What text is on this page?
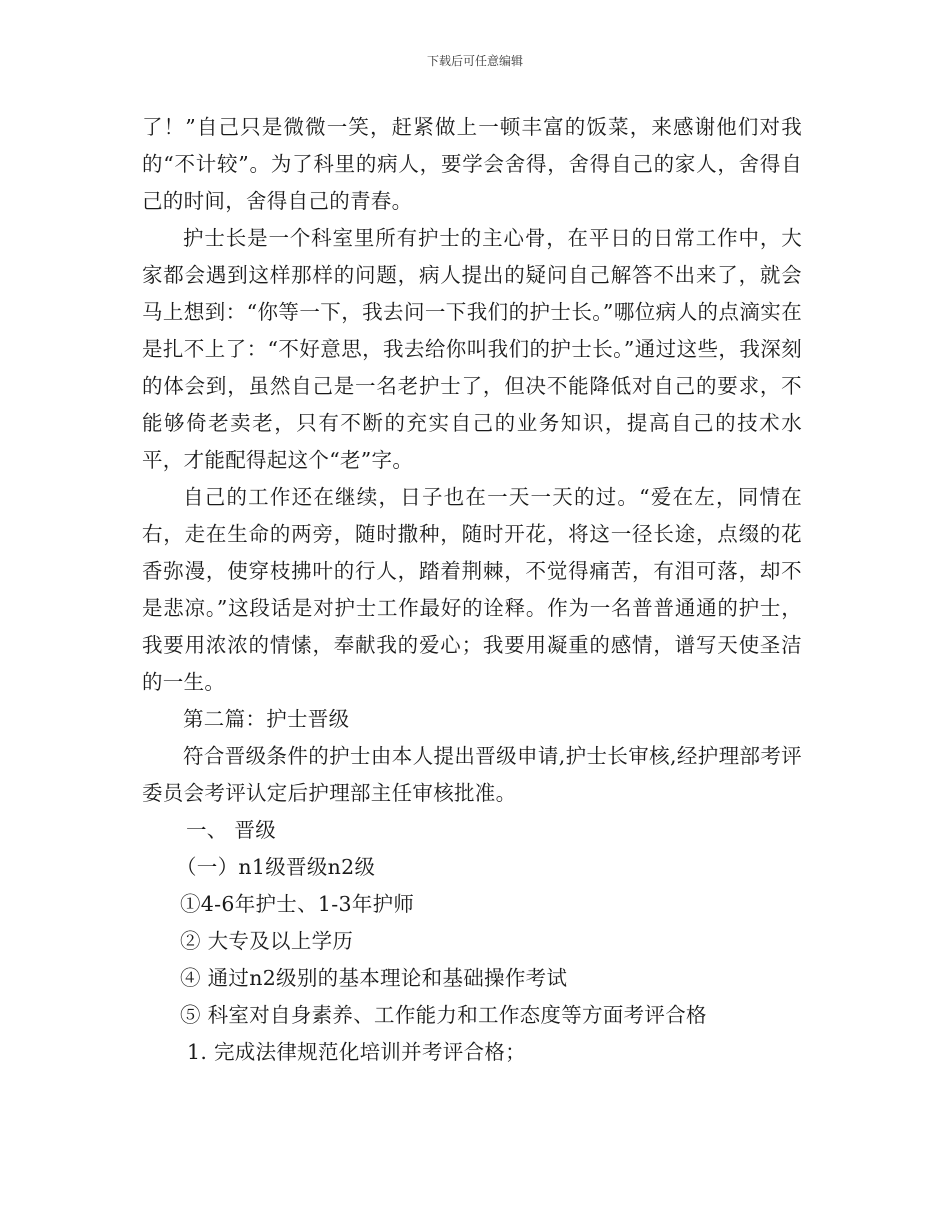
下载后可任意编辑

了！”自己只是微微一笑，赶紧做上一顿丰富的饭菜，来感谢他们对我的“不计较”。为了科里的病人，要学会舍得，舍得自己的家人，舍得自己的时间，舍得自己的青春。

护士长是一个科室里所有护士的主心骨，在平日的日常工作中，大家都会遇到这样那样的问题，病人提出的疑问自己解答不出来了，就会马上想到：“你等一下，我去问一下我们的护士长。”哪位病人的点滴实在是扎不上了：“不好意思，我去给你叫我们的护士长。”通过这些，我深刻的体会到，虽然自己是一名老护士了，但决不能降低对自己的要求，不能够倚老卖老，只有不断的充实自己的业务知识，提高自己的技术水平，才能配得起这个“老”字。

自己的工作还在继续，日子也在一天一天的过。“爱在左，同情在右，走在生命的两旁，随时撒种，随时开花，将这一径长途，点缀的花香弥漫，使穿枝拂叶的行人，踏着荆棘，不觉得痛苦，有泪可落，却不是悲凉。”这段话是对护士工作最好的诠释。作为一名普普通通的护士，我要用浓浓的情愫，奉献我的爱心；我要用凝重的感情，谱写天使圣洁的一生。

第二篇：护士晋级

符合晋级条件的护士由本人提出晋级申请,护士长审核,经护理部考评委员会考评认定后护理部主任审核批准。

一、 晋级

（一）n1级晋级n2级

①4-6年护士、1-3年护师

② 大专及以上学历

④ 通过n2级别的基本理论和基础操作考试

⑤ 科室对自身素养、工作能力和工作态度等方面考评合格

1. 完成法律规范化培训并考评合格；
